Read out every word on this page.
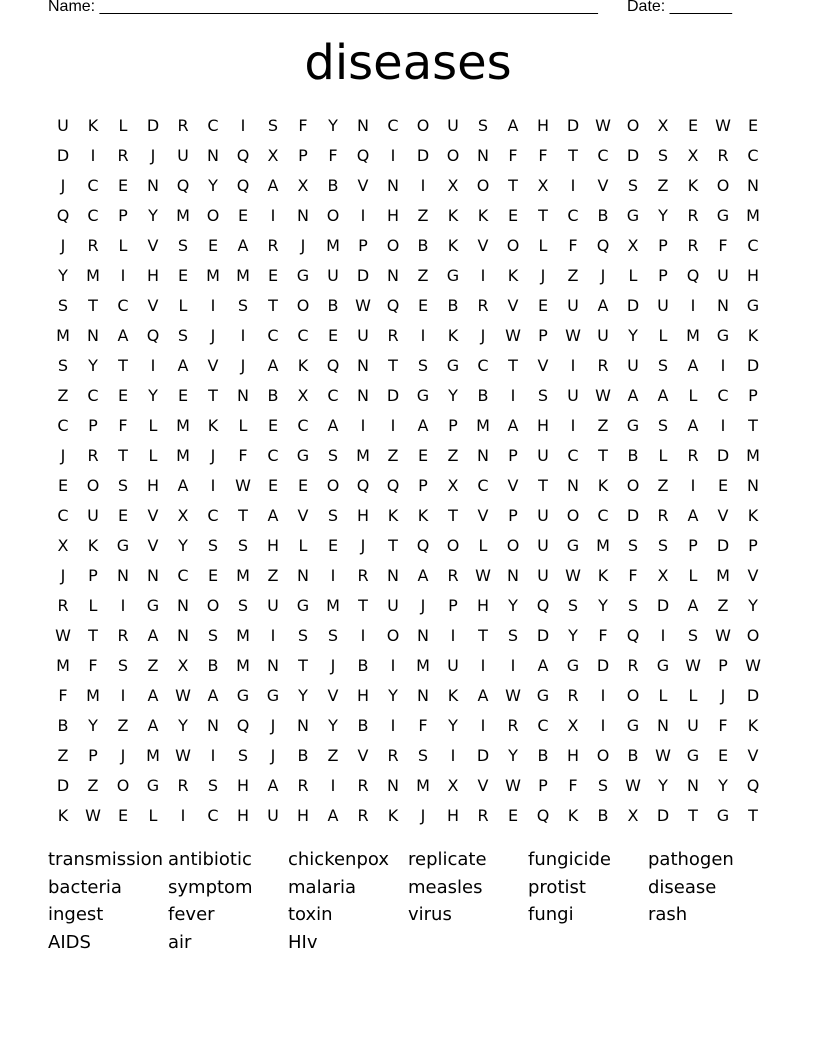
Name: ________________________________________________________ Date: _______
diseases
U	K	L	D	R	C	I	S	F	Y	N	C	O	U	S	A	H	D W O	X	E	W	E
D	I	R	J	U	N	Q	X	P	F	Q	I	D	O	N	F	F	T	C	D	S	X	R	C
J	C	E	N	Q	Y	Q	A	X	B	V	N	I	X	O	T	X	I	V	S	Z	K	O	N
Q	C	P	Y	M	O	E	I	N	O	I	H	Z	K	K	E	T	C	B	G	Y	R	G	M
J	R	L	V	S	E	A	R	J	M	P	O	B	K	V	O	L	F	Q	X	P	R	F	C
Y	M	I	H	E	M	M	E	G	U	D	N	Z	G	I	K	J	Z	J	L	P	Q	U	H
S	T	C	V	L	I	S	T	O	B	W Q	E	B	R	V	E	U	A	D	U	I	N	G
M	N	A	Q	S	J	I	C	C	E	U	R	I	K	J	W	P	W	U	Y	L	M	G	K
S	Y	T	I	A	V	J	A	K	Q	N	T	S	G	C	T	V	I	R	U	S	A	I	D
Z	C	E	Y	E	T	N	B	X	C	N	D	G	Y	B	I	S	U	W	A	A	L	C	P
C	P	F	L	M	K	L	E	C	A	I	I	A	P	M	A	H	I	Z	G	S	A	I	T
J	R	T	L	M	J	F	C	G	S	M	Z	E	Z	N	P	U	C	T	B	L	R	D	M
E	O	S	H	A	I	W	E	E	O	Q	Q	P	X	C	V	T	N	K	O	Z	I	E	N
C	U	E	V	X	C	T	A	V	S	H	K	K	T	V	P	U	O	C	D	R	A	V	K
X	K	G	V	Y	S	S	H	L	E	J	T	Q	O	L	O	U	G	M	S	S	P	D	P
J	P	N	N	C	E	M	Z	N	I	R	N	A	R	W	N	U	W	K	F	X	L	M	V
R	L	I	G	N	O	S	U	G	M	T	U	J	P	H	Y	Q	S	Y	S	D	A	Z	Y
W	T	R	A	N	S	M	I	S	S	I	O	N	I	T	S	D	Y	F	Q	I	S	W O
M	F	S	Z	X	B	M	N	T	J	B	I	M	U	I	I	A	G	D	R	G W	P	W
F	M	I	A	W	A	G	G	Y	V	H	Y	N	K	A	W G	R	I	O	L	L	J	D
B	Y	Z	A	Y	N	Q	J	N	Y	B	I	F	Y	I	R	C	X	I	G	N	U	F	K
Z	P	J	M W	I	S	J	B	Z	V	R	S	I	D	Y	B	H	O	B	W G	E	V
D	Z	O	G	R	S	H	A	R	I	R	N	M	X	V	W	P	F	S	W	Y	N	Y	Q
K	W	E	L	I	C	H	U	H	A	R	K	J	H	R	E	Q	K	B	X	D	T	G	T
transmission antibiotic	chickenpox	replicate	fungicide	pathogen
bacteria	symptom	malaria	measles	protist	disease
ingest	fever	toxin	virus	fungi	rash
AIDS	air	HIv
